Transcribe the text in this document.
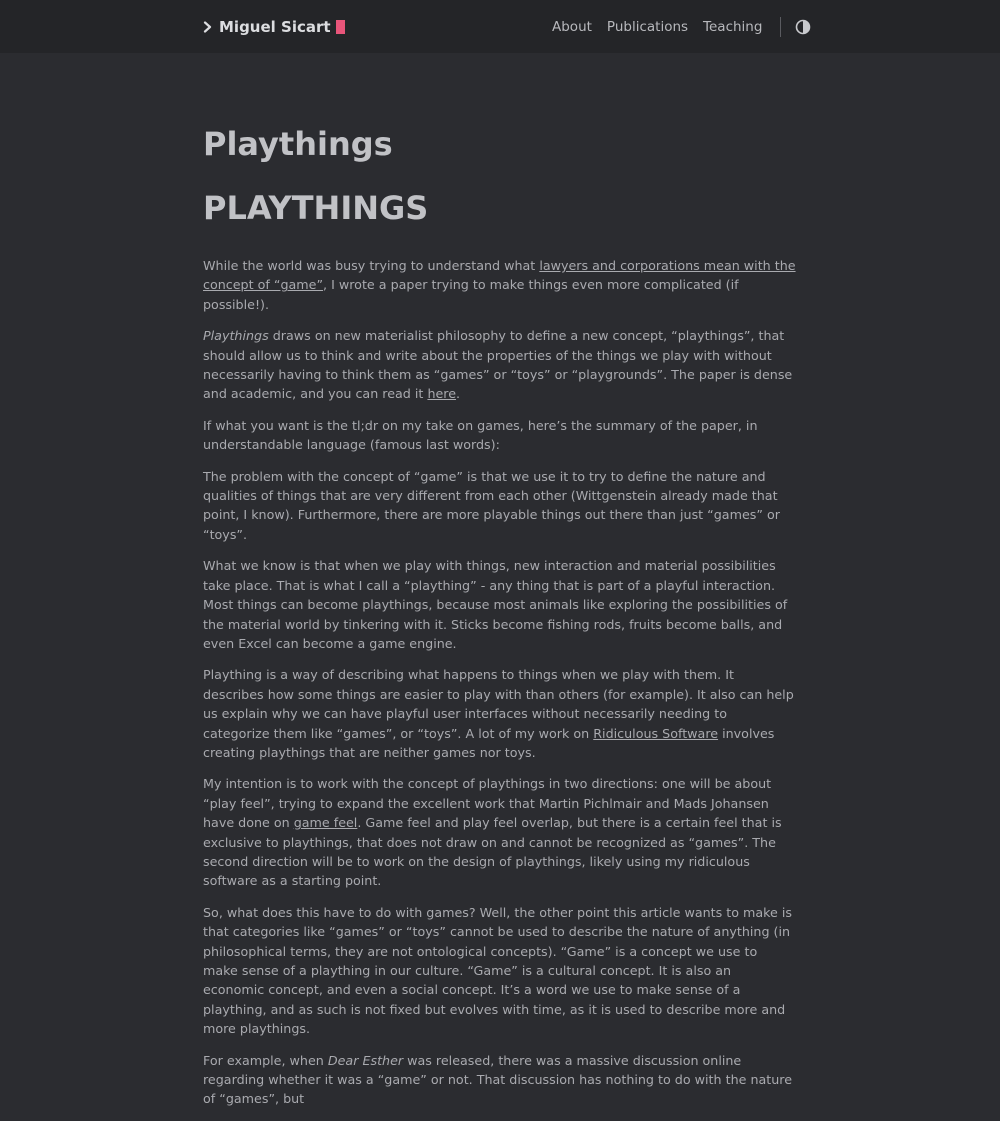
Miguel Sicart	About Publications Teaching
Playthings
PLAYTHINGS

While the world was busy trying to understand what lawyers and corporations mean with the concept of “game”, I wrote a paper trying to make things even more complicated (if possible!).

Playthings draws on new materialist philosophy to define a new concept, “playthings”, that should allow us to think and write about the properties of the things we play with without necessarily having to think them as “games” or “toys” or “playgrounds”. The paper is dense and academic, and you can read it here.

If what you want is the tl;dr on my take on games, here’s the summary of the paper, in understandable language (famous last words):

The problem with the concept of “game” is that we use it to try to define the nature and qualities of things that are very different from each other (Wittgenstein already made that point, I know). Furthermore, there are more playable things out there than just “games” or “toys”.

What we know is that when we play with things, new interaction and material possibilities take place. That is what I call a “plaything” - any thing that is part of a playful interaction. Most things can become playthings, because most animals like exploring the possibilities of the material world by tinkering with it. Sticks become fishing rods, fruits become balls, and even Excel can become a game engine.

Plaything is a way of describing what happens to things when we play with them. It describes how some things are easier to play with than others (for example). It also can help us explain why we can have playful user interfaces without necessarily needing to categorize them like “games”, or “toys”. A lot of my work on Ridiculous Software involves creating playthings that are neither games nor toys.

My intention is to work with the concept of playthings in two directions: one will be about “play feel”, trying to expand the excellent work that Martin Pichlmair and Mads Johansen have done on game feel. Game feel and play feel overlap, but there is a certain feel that is exclusive to playthings, that does not draw on and cannot be recognized as “games”. The second direction will be to work on the design of playthings, likely using my ridiculous software as a starting point.

So, what does this have to do with games? Well, the other point this article wants to make is that categories like “games” or “toys” cannot be used to describe the nature of anything (in philosophical terms, they are not ontological concepts). “Game” is a concept we use to make sense of a plaything in our culture. “Game” is a cultural concept. It is also an economic concept, and even a social concept. It’s a word we use to make sense of a plaything, and as such is not fixed but evolves with time, as it is used to describe more and more playthings.

For example, when Dear Esther was released, there was a massive discussion online regarding whether it was a “game” or not. That discussion has nothing to do with the nature of “games”, but
